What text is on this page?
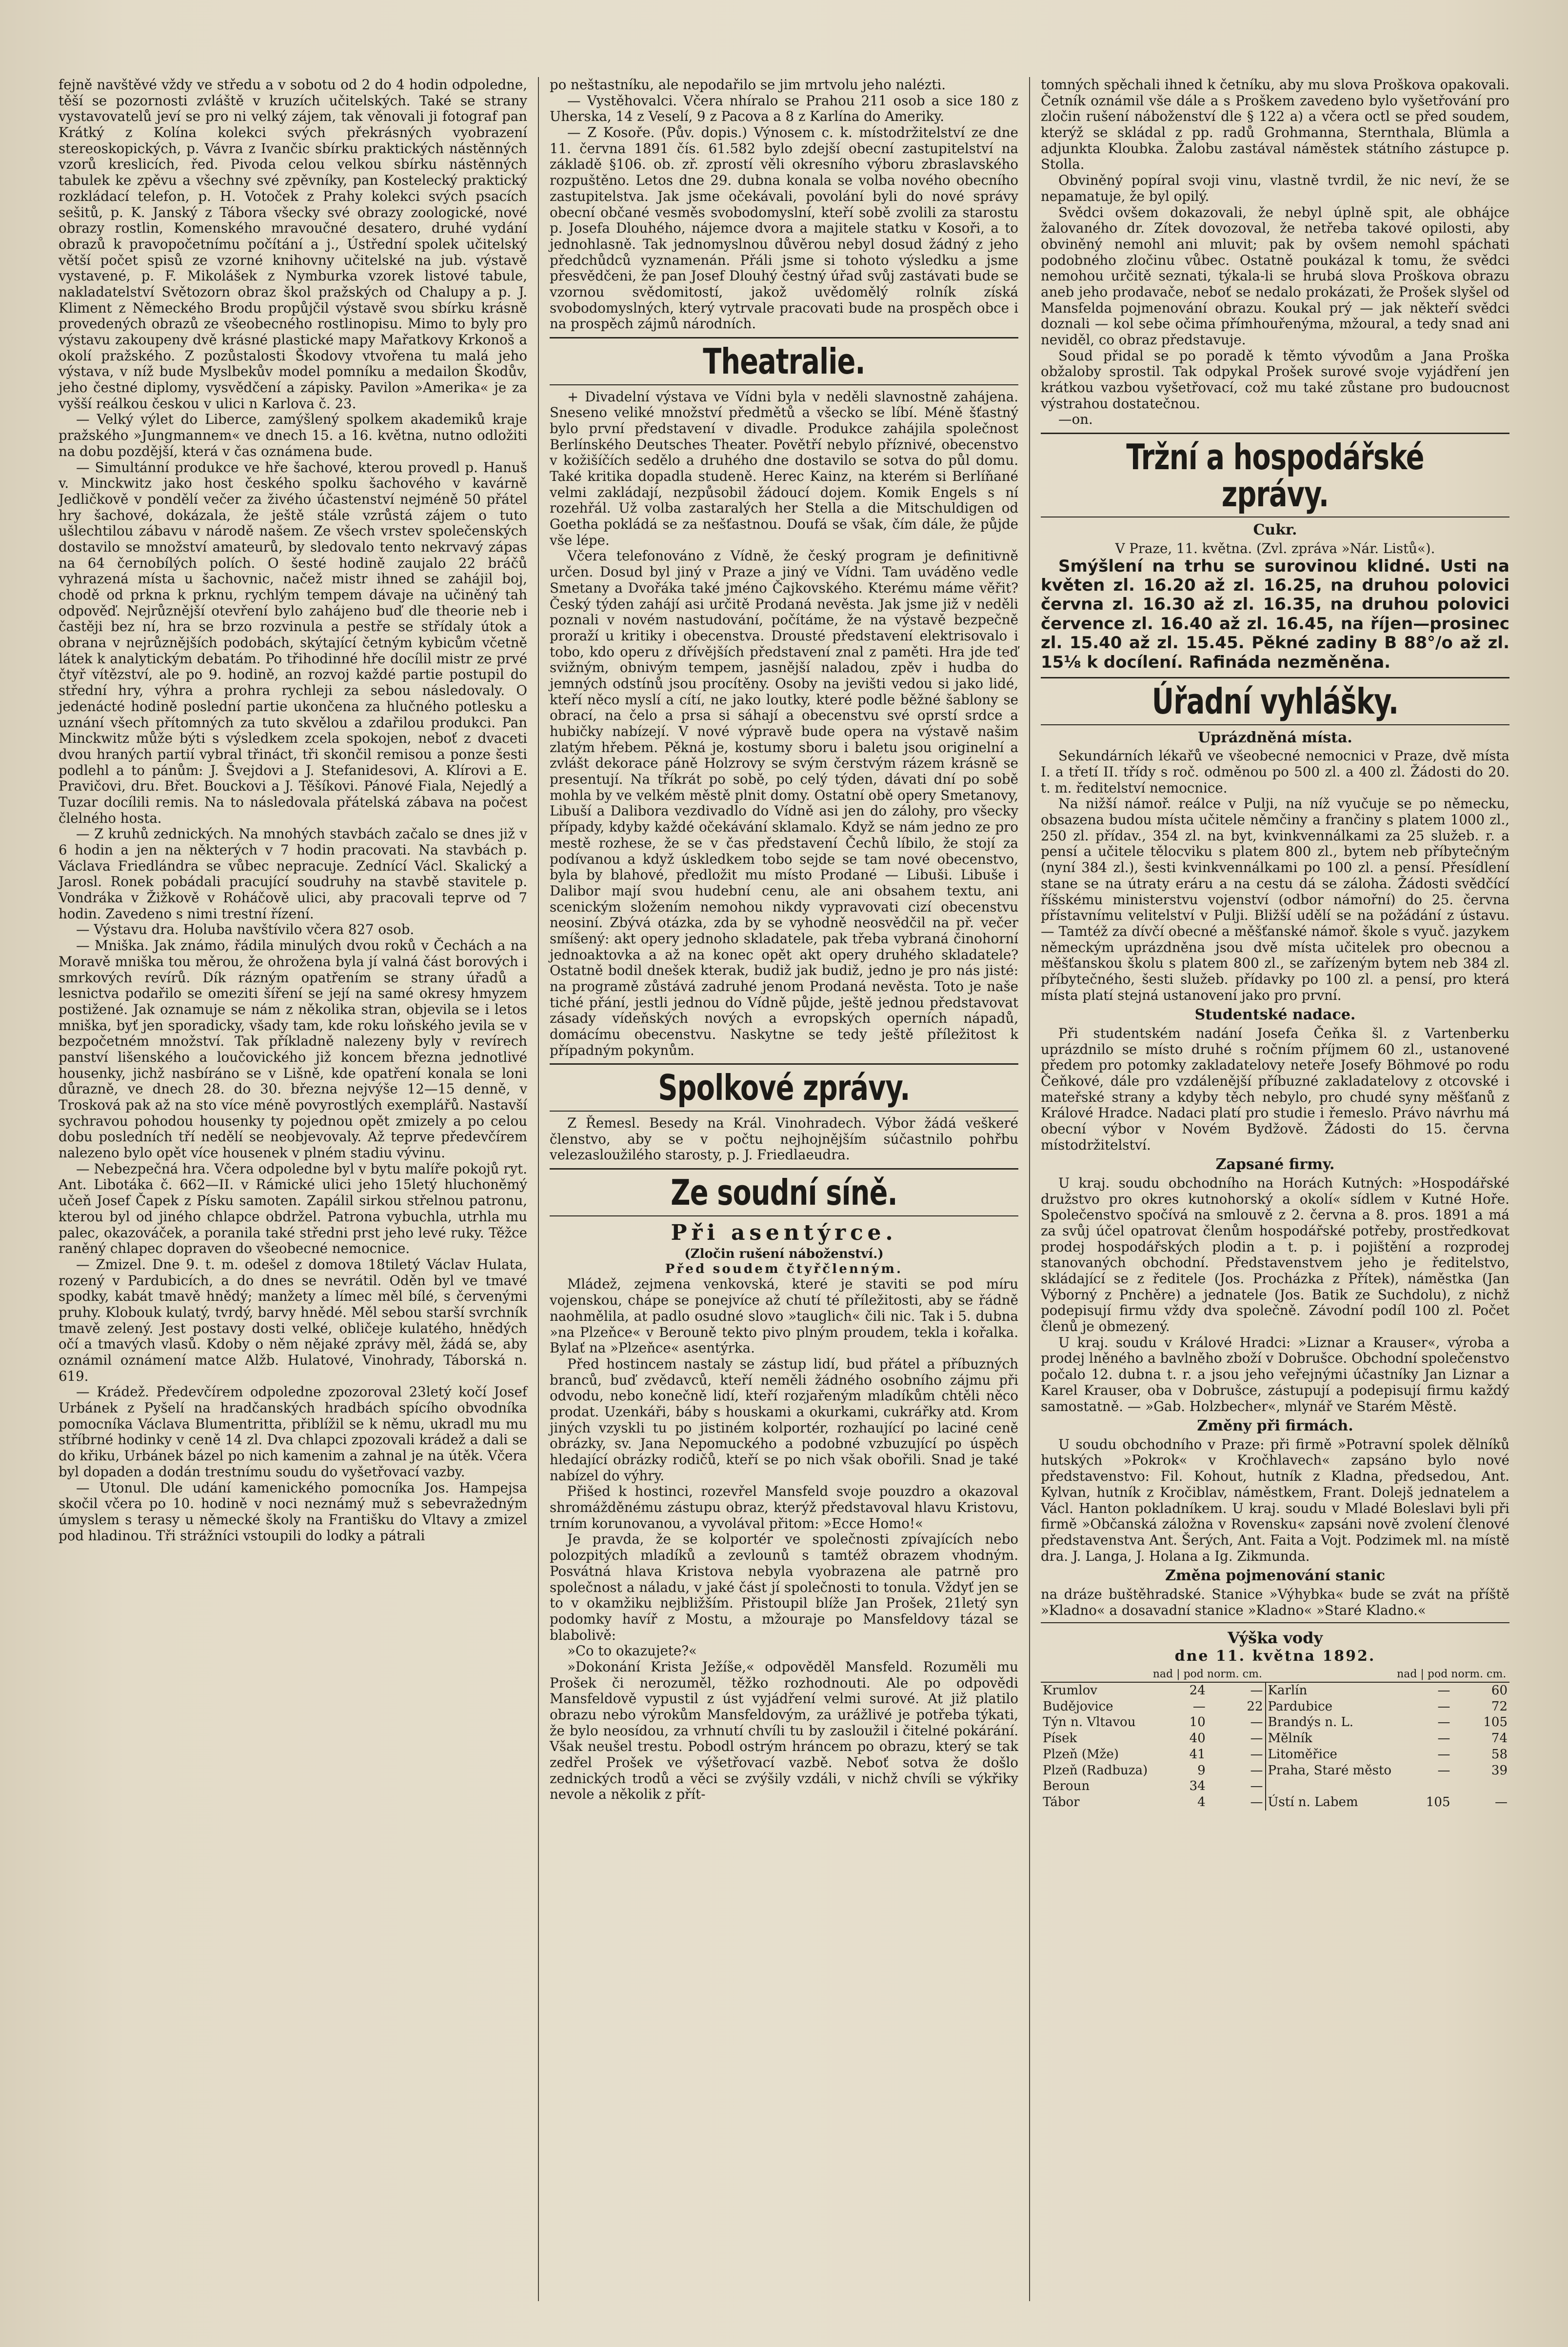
fejně navštěvé vždy ve středu a v sobotu od 2 do 4 hodin odpoledne, těší se pozornosti zvláště v kruzích učitelských. Také se strany vystavovatelů jeví se pro ni velký zájem, tak věnovali ji fotograf pan Krátký z Kolína kolekci svých překrásných vyobrazení stereoskopických, p. Vávra z Ivančic sbírku praktických nástěnných vzorů kreslicích, řed. Pivoda celou velkou sbírku nástěnných tabulek ke zpěvu a všechny své zpěvníky, pan Kostelecký praktický rozkládací telefon, p. H. Votoček z Prahy kolekci svých psacích sešitů, p. K. Janský z Tábora všecky své obrazy zoologické, nové obrazy rostlin, Komenského mravoučné desatero, druhé vydání obrazů k pravopočetnímu počítání a j., Ústřední spolek učitelský větší počet spisů ze vzorné knihovny učitelské na jub. výstavě vystavené, p. F. Mikolášek z Nymburka vzorek listové tabule, nakladatelství Světozorn obraz škol pražských od Chalupy a p. J. Kliment z Německého Brodu propůjčil výstavě svou sbírku krásně provedených obrazů ze všeobecného rostlinopisu. Mimo to byly pro výstavu zakoupeny dvě krásné plastické mapy Mařatkovy Krkonoš a okolí pražského. Z pozůstalosti Škodovy vtvořena tu malá jeho výstava, v níž bude Myslbekův model pomníku a medailon Škodův, jeho čestné diplomy, vysvědčení a zápisky. Pavilon »Amerika« je za vyšší reálkou českou v ulici n Karlova č. 23.

— Velký výlet do Liberce, zamýšlený spolkem akademiků kraje pražského »Jungmannem« ve dnech 15. a 16. května, nutno odložiti na dobu pozdější, která v čas oznámena bude.

— Simultánní produkce ve hře šachové, kterou provedl p. Hanuš v. Minckwitz jako host českého spolku šachového v kavárně Jedličkově v pondělí večer za živého účastenství nejméně 50 přátel hry šachové, dokázala, že ještě stále vzrůstá zájem o tuto ušlechtilou zábavu v národě našem. Ze všech vrstev společenských dostavilo se množství amateurů, by sledovalo tento nekrvavý zápas na 64 černobílých polích. O šesté hodině zaujalo 22 bráčů vyhrazená místa u šachovnic, načež mistr ihned se zahájil boj, chodě od prkna k prknu, rychlým tempem dávaje na učiněný tah odpověď. Nejrůznější otevření bylo zahájeno buď dle theorie neb i častěji bez ní, hra se brzo rozvinula a pestře se střídaly útok a obrana v nejrůznějších podobách, skýtající četným kybicům včetně látek k analytickým debatám. Po třihodinné hře docílil mistr ze prvé čtyř vítězství, ale po 9. hodině, an rozvoj každé partie postupil do střední hry, výhra a prohra rychleji za sebou následovaly. O jedenácté hodině poslední partie ukončena za hlučného potlesku a uznání všech přítomných za tuto skvělou a zdařilou produkci. Pan Minckwitz může býti s výsledkem zcela spokojen, neboť z dvaceti dvou hraných partií vybral třináct, tři skončil remisou a ponze šesti podlehl a to pánům: J. Švejdovi a J. Stefanidesovi, A. Klírovi a E. Pravičovi, dru. Břet. Bouckovi a J. Těšíkovi. Pánové Fiala, Nejedlý a Tuzar docílili remis. Na to následovala přátelská zábava na počest člelného hosta.

— Z kruhů zednických. Na mnohých stavbách začalo se dnes již v 6 hodin a jen na některých v 7 hodin pracovati. Na stavbách p. Václava Friedlándra se vůbec nepracuje. Zednící Václ. Skalický a Jarosl. Ronek pobádali pracující soudruhy na stavbě stavitele p. Vondráka v Žižkově v Roháčově ulici, aby pracovali teprve od 7 hodin. Zavedeno s nimi trestní řízení.

— Výstavu dra. Holuba navštívilo včera 827 osob.

— Mniška. Jak známo, řádila minulých dvou roků v Čechách a na Moravě mniška tou měrou, že ohrožena byla jí valná část borových i smrkových revírů. Dík rázným opatřením se strany úřadů a lesnictva podařilo se omeziti šíření se její na samé okresy hmyzem postižené. Jak oznamuje se nám z několika stran, objevila se i letos mniška, byť jen sporadicky, všady tam, kde roku loňského jevila se v bezpočetném množství. Tak příkladně nalezeny byly v revírech panství lišenského a loučovického již koncem března jednotlivé housenky, jichž nasbíráno se v Lišně, kde opatření konala se loni důrazně, ve dnech 28. do 30. března nejvýše 12—15 denně, v Trosková pak až na sto více méně povyrostlých exemplářů. Nastavší sychravou pohodou housenky ty pojednou opět zmizely a po celou dobu posledních tří nedělí se neobjevovaly. Až teprve předevčírem nalezeno bylo opět více housenek v plném stadiu vývinu.

— Nebezpečná hra. Včera odpoledne byl v bytu malíře pokojů ryt. Ant. Libotáka č. 662—II. v Rámické ulici jeho 15letý hluchoněmý učeň Josef Čapek z Písku samoten. Zapálil sirkou střelnou patronu, kterou byl od jiného chlapce obdržel. Patrona vybuchla, utrhla mu palec, okazováček, a poranila také středni prst jeho levé ruky. Těžce raněný chlapec dopraven do všeobecné nemocnice.

— Zmizel. Dne 9. t. m. odešel z domova 18tiletý Václav Hulata, rozený v Pardubicích, a do dnes se nevrátil. Oděn byl ve tmavé spodky, kabát tmavě hnědý; manžety a límec měl bílé, s červenými pruhy. Klobouk kulatý, tvrdý, barvy hnědé. Měl sebou starší svrchník tmavě zelený. Jest postavy dosti velké, obličeje kulatého, hnědých očí a tmavých vlasů. Kdoby o něm nějaké zprávy měl, žádá se, aby oznámil oznámení matce Alžb. Hulatové, Vinohrady, Táborská n. 619.

— Krádež. Předevčírem odpoledne zpozoroval 23letý kočí Josef Urbánek z Pyšelí na hradčanských hradbách spícího obvodníka pomocníka Václava Blumentritta, přiblížil se k němu, ukradl mu mu stříbrné hodinky v ceně 14 zl. Dva chlapci zpozovali krádež a dali se do křiku, Urbánek bázel po nich kamenim a zahnal je na útěk. Včera byl dopaden a dodán trestnímu soudu do vyšetřovací vazby.

— Utonul. Dle udání kamenického pomocníka Jos. Hampejsa skočil včera po 10. hodině v noci neznámý muž s sebevražedným úmyslem s terasy u německé školy na Františku do Vltavy a zmizel pod hladinou. Tři strážníci vstoupili do lodky a pátrali

po neštastníku, ale nepodařilo se jim mrtvolu jeho nalézti.

— Vystěhovalci. Včera nhíralo se Prahou 211 osob a sice 180 z Uherska, 14 z Veselí, 9 z Pacova a 8 z Karlína do Ameriky.

— Z Kosoře. (Pův. dopis.) Výnosem c. k. místodržitelství ze dne 11. června 1891 čís. 61.582 bylo zdejší obecní zastupitelství na základě §106. ob. zř. zprostí věli okresního výboru zbraslavského rozpuštěno. Letos dne 29. dubna konala se volba nového obecního zastupitelstva. Jak jsme očekávali, povolání byli do nové správy obecní občané vesměs svobodomyslní, kteří sobě zvolili za starostu p. Josefa Dlouhého, nájemce dvora a majitele statku v Kosoři, a to jednohlasně. Tak jednomyslnou důvěrou nebyl dosud žádný z jeho předchůdců vyznamenán. Přáli jsme si tohoto výsledku a jsme přesvědčeni, že pan Josef Dlouhý čestný úřad svůj zastávati bude se vzornou svědomitostí, jakož uvědomělý rolník získá svobodomyslných, který vytrvale pracovati bude na prospěch obce i na prospěch zájmů národních.

Theatralie.

+ Divadelní výstava ve Vídni byla v neděli slavnostně zahájena. Sneseno veliké množství předmětů a všecko se líbí. Méně šťastný bylo první představení v divadle. Produkce zahájila společnost Berlínského Deutsches Theater. Povětří nebylo příznivé, obecenstvo v kožišíčích sedělo a druhého dne dostavilo se sotva do půl domu. Také kritika dopadla studeně. Herec Kainz, na kterém si Berlíňané velmi zakládají, nezpůsobil žádoucí dojem. Komik Engels s ní rozehřál. Už volba zastaralých her Stella a die Mitschuldigen od Goetha pokládá se za nešťastnou. Doufá se však, čím dále, že půjde vše lépe.

Včera telefonováno z Vídně, že český program je definitivně určen. Dosud byl jiný v Praze a jiný ve Vídni. Tam uváděno vedle Smetany a Dvořáka také jméno Čajkovského. Kterému máme věřit? Český týden zahájí asi určitě Prodaná nevěsta. Jak jsme již v neděli poznali v novém nastudování, počítáme, že na výstavě bezpečně proraží u kritiky i obecenstva. Drousté představení elektrisovalo i tobo, kdo operu z dřívějších představení znal z paměti. Hra jde teď svižným, obnivým tempem, jasnější naladou, zpěv i hudba do jemných odstínů jsou procítěny. Osoby na jevišti vedou si jako lidé, kteří něco myslí a cítí, ne jako loutky, které podle běžné šablony se obrací, na čelo a prsa si sáhají a obecenstvu své oprstí srdce a hubičky nabízejí. V nové výpravě bude opera na výstavě našim zlatým hřebem. Pěkná je, kostumy sboru i baletu jsou originelní a zvlášt dekorace páně Holzrovy se svým čerstvým rázem krásně se presentují. Na tříkrát po sobě, po celý týden, dávati dní po sobě mohla by ve velkém městě plnit domy. Ostatní obě opery Smetanovy, Libuší a Dalibora vezdivadlo do Vídně asi jen do zálohy, pro všecky případy, kdyby každé očekávání sklamalo. Když se nám jedno ze pro mestě rozhese, že se v čas představení Čechů líbilo, že stojí za podívanou a když úskledkem tobo sejde se tam nové obecenstvo, byla by blahové, předložit mu místo Prodané — Libuši. Libuše i Dalibor mají svou hudební cenu, ale ani obsahem textu, ani scenickým složením nemohou nikdy vypravovati cizí obecenstvu neosiní. Zbývá otázka, zda by se vyhodně neosvědčil na př. večer smíšený: akt opery jednoho skladatele, pak třeba vybraná činohorní jednoaktovka a až na konec opět akt opery druhého skladatele? Ostatně bodil dnešek kterak, budiž jak budiž, jedno je pro nás jisté: na programě zůstává zadruhé jenom Prodaná nevěsta. Toto je naše tiché přání, jestli jednou do Vídně půjde, ještě jednou představovat zásady vídeňských nových a evropských operních nápadů, domácímu obecenstvu. Naskytne se tedy ještě příležitost k případným pokynům.

Spolkové zprávy.

Z Řemesl. Besedy na Král. Vinohradech. Výbor žádá veškeré členstvo, aby se v počtu nejhojnějším súčastnilo pohřbu velezasloužilého starosty, p. J. Friedlaeudra.

Ze soudní síně.
Při asentýrce.
(Zločin rušení náboženství.)
Před soudem čtyřčlenným.

Mládež, zejmena venkovská, které je staviti se pod míru vojenskou, chápe se ponejvíce až chutí té příležitosti, aby se řádně naohmělila, at padlo osudné slovo »tauglich« čili nic. Tak i 5. dubna »na Plzeňce« v Berouně tekto pivo plným proudem, tekla i kořalka. Bylať na »Plzeňce« asentýrka.

Před hostincem nastaly se zástup lidí, bud přátel a příbuzných branců, buď zvědavců, kteří neměli žádného osobního zájmu při odvodu, nebo konečně lidí, kteří rozjařeným mladíkům chtěli něco prodat. Uzenkáři, báby s houskami a okurkami, cukrářky atd. Krom jiných vzyskli tu po jistiném kolportér, rozhaující po laciné ceně obrázky, sv. Jana Nepomuckého a podobné vzbuzující po úspěch hledající obrázky rodičů, kteří se po nich však obořili. Snad je také nabízel do výhry.

Přišed k hostinci, rozevřel Mansfeld svoje pouzdro a okazoval shromážděnému zástupu obraz, kterýž představoval hlavu Kristovu, trním korunovanou, a vyvolával přitom: »Ecce Homo!«

Je pravda, že se kolportér ve společnosti zpívajících nebo polozpitých mladíků a zevlounů s tamtéž obrazem vhodným. Posvátná hlava Kristova nebyla vyobrazena ale patrně pro společnost a náladu, v jaké část jí společnosti to tonula. Vždyť jen se to v okamžiku nejbližším. Přistoupil blíže Jan Prošek, 21letý syn podomky havíř z Mostu, a mžouraje po Mansfeldovy tázal se blabolivě:

»Co to okazujete?«

»Dokonání Krista Ježíše,« odpověděl Mansfeld. Rozuměli mu Prošek či nerozuměl, těžko rozhodnouti. Ale po odpovědi Mansfeldově vypustil z úst vyjádření velmi surové. At již platilo obrazu nebo výrokům Mansfeldovým, za urážlivé je potřeba týkati, že bylo neosídou, za vrhnutí chvíli tu by zasloužil i čitelné pokárání. Však neušel trestu. Pobodl ostrým hráncem po obrazu, který se tak zedřel Prošek ve výšetřovací vazbě. Neboť sotva že došlo zednických trodů a věci se zvýšily vzdáli, v nichž chvíli se výkřiky nevole a několik z přít-

tomných spěchali ihned k četníku, aby mu slova Proškova opakovali. Četník oznámil vše dále a s Proškem zavedeno bylo vyšetřování pro zločin rušení náboženství dle § 122 a) a včera octl se před soudem, kterýž se skládal z pp. radů Grohmanna, Sternthala, Blümla a adjunkta Kloubka. Žalobu zastával náměstek státního zástupce p. Stolla.

Obviněný popíral svoji vinu, vlastně tvrdil, že nic neví, že se nepamatuje, že byl opilý.

Svědci ovšem dokazovali, že nebyl úplně spit, ale obhájce žalovaného dr. Zítek dovozoval, že netřeba takové opilosti, aby obviněný nemohl ani mluvit; pak by ovšem nemohl spáchati podobného zločinu vůbec. Ostatně poukázal k tomu, že svědci nemohou určitě seznati, týkala-li se hrubá slova Proškova obrazu aneb jeho prodavače, neboť se nedalo prokázati, že Prošek slyšel od Mansfelda pojmenování obrazu. Koukal prý — jak někteří svědci doznali — kol sebe očima přímhouřenýma, mžoural, a tedy snad ani neviděl, co obraz představuje.

Soud přidal se po poradě k těmto vývodům a Jana Proška obžaloby sprostil. Tak odpykal Prošek surové svoje vyjádření jen krátkou vazbou vyšetřovací, což mu také zůstane pro budoucnost výstrahou dostatečnou.

—on.

Tržní a hospodářské zprávy.
Cukr.

V Praze, 11. května. (Zvl. zpráva »Nár. Listů«).

Smýšlení na trhu se surovinou klidné. Usti na květen zl. 16.20 až zl. 16.25, na druhou polovici června zl. 16.30 až zl. 16.35, na druhou polovici července zl. 16.40 až zl. 16.45, na říjen—prosinec zl. 15.40 až zl. 15.45. Pěkné zadiny B 88°/o až zl. 15⅛ k docílení. Rafináda nezměněna.

Úřadní vyhlášky.
Uprázdněná místa.

Sekundárních lékařů ve všeobecné nemocnici v Praze, dvě místa I. a třetí II. třídy s roč. odměnou po 500 zl. a 400 zl. Žádosti do 20. t. m. ředitelství nemocnice.

Na nižší námoř. reálce v Pulji, na níž vyučuje se po německu, obsazena budou místa učitele němčiny a frančiny s platem 1000 zl., 250 zl. přídav., 354 zl. na byt, kvinkvennálkami za 25 služeb. r. a pensí a učitele tělocviku s platem 800 zl., bytem neb příbytečným (nyní 384 zl.), šesti kvinkvennálkami po 100 zl. a pensí. Přesídlení stane se na útraty eráru a na cestu dá se záloha. Žádosti svědčící říšskému ministerstvu vojenství (odbor námořní) do 25. června přístavnímu velitelství v Pulji. Bližší udělí se na požádání z ústavu. — Tamtéž za dívčí obecné a měšťanské námoř. škole s vyuč. jazykem německým uprázdněna jsou dvě místa učitelek pro obecnou a měšťanskou školu s platem 800 zl., se zařízeným bytem neb 384 zl. příbytečného, šesti služeb. přídavky po 100 zl. a pensí, pro která místa platí stejná ustanovení jako pro první.

Studentské nadace.

Při studentském nadání Josefa Čeňka šl. z Vartenberku uprázdnilo se místo druhé s ročním příjmem 60 zl., ustanovené předem pro potomky zakladatelovy neteře Josefy Böhmové po rodu Čeňkové, dále pro vzdálenější příbuzné zakladatelovy z otcovské i mateřské strany a kdyby těch nebylo, pro chudé syny měšťanů z Králové Hradce. Nadaci platí pro studie i řemeslo. Právo návrhu má obecní výbor v Novém Bydžově. Žádosti do 15. června místodržitelství.

Zapsané firmy.

U kraj. soudu obchodního na Horách Kutných: »Hospodářské družstvo pro okres kutnohorský a okolí« sídlem v Kutné Hoře. Společenstvo spočívá na smlouvě z 2. června a 8. pros. 1891 a má za svůj účel opatrovat členům hospodářské potřeby, prostředkovat prodej hospodářských plodin a t. p. i pojištění a rozprodej stanovaných obchodní. Představenstvem jeho je ředitelstvo, skládající se z ředitele (Jos. Procházka z Přítek), náměstka (Jan Výborný z Pnchěre) a jednatele (Jos. Batik ze Suchdolu), z nichž podepisují firmu vždy dva společně. Závodní podíl 100 zl. Počet členů je obmezený.

U kraj. soudu v Králové Hradci: »Liznar a Krauser«, výroba a prodej lněného a bavlněho zboží v Dobrušce. Obchodní společenstvo počalo 12. dubna t. r. a jsou jeho veřejnými účastníky Jan Liznar a Karel Krauser, oba v Dobrušce, zástupují a podepisují firmu každý samostatně. — »Gab. Holzbecher«, mlynář ve Starém Městě.

Změny při firmách.

U soudu obchodního v Praze: při firmě »Potravní spolek dělníků hutských »Pokrok« v Kročhlavech« zapsáno bylo nové představenstvo: Fil. Kohout, hutník z Kladna, předsedou, Ant. Kylvan, hutník z Kročiblav, náměstkem, Frant. Dolejš jednatelem a Václ. Hanton pokladníkem. U kraj. soudu v Mladé Boleslavi byli při firmě »Občanská záložna v Rovensku« zapsáni nově zvolení členové představenstva Ant. Šerých, Ant. Faita a Vojt. Podzimek ml. na místě dra. J. Langa, J. Holana a Ig. Zikmunda.

Změna pojmenování stanic

na dráze buštěhradské. Stanice »Výhybka« bude se zvát na příště »Kladno« a dosavadní stanice »Kladno« »Staré Kladno.«

Výška vody
dne 11. května 1892.
	nad | pod norm. cm.			nad | pod norm. cm.	
Krumlov	24	—	Karlín	—	60
Budějovice	—	22	Pardubice	—	72
Týn n. Vltavou	10	—	Brandýs n. L.	—	105
Písek	40	—	Mělník	—	74
Plzeň (Mže)	41	—	Litoměřice	—	58
Plzeň (Radbuza)	9	—	Praha, Staré město	—	39
Beroun	34	—			
Tábor	4	—	Ústí n. Labem	105	—
